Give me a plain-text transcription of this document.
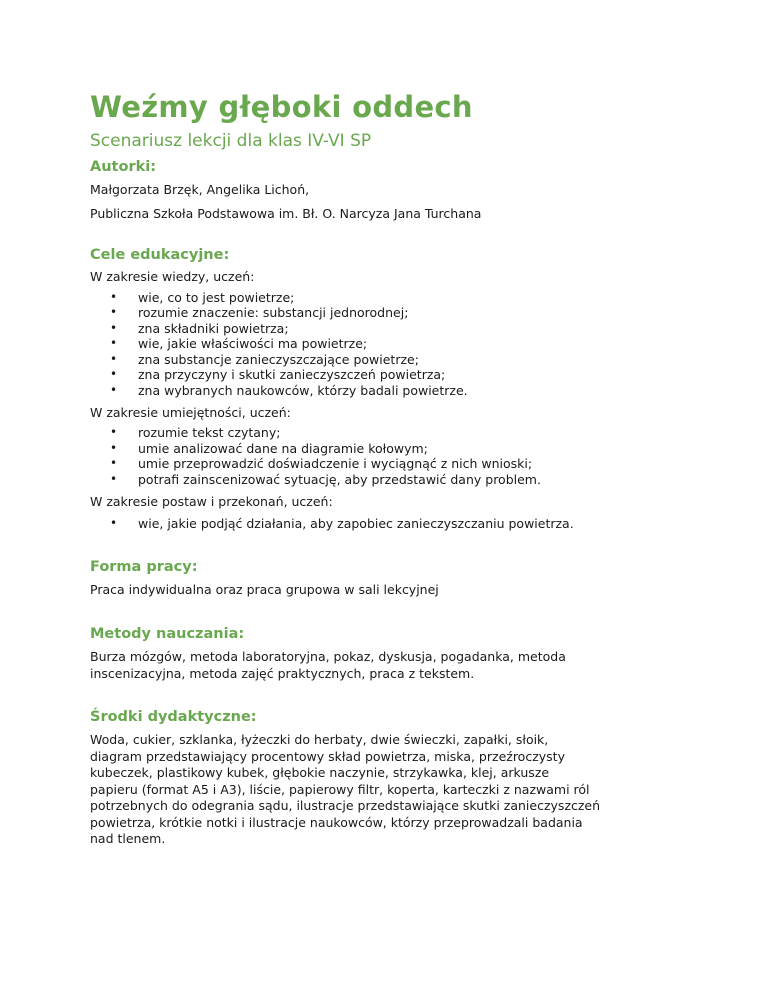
Weźmy głęboki oddech

Scenariusz lekcji dla klas IV-VI SP

Autorki:

Małgorzata Brzęk, Angelika Lichoń,

Publiczna Szkoła Podstawowa im. Bł. O. Narcyza Jana Turchana

Cele edukacyjne:

W zakresie wiedzy, uczeń:

• wie, co to jest powietrze;
• rozumie znaczenie: substancji jednorodnej;
• zna składniki powietrza;
• wie, jakie właściwości ma powietrze;
• zna substancje zanieczyszczające powietrze;
• zna przyczyny i skutki zanieczyszczeń powietrza;
• zna wybranych naukowców, którzy badali powietrze.

W zakresie umiejętności, uczeń:

• rozumie tekst czytany;
• umie analizować dane na diagramie kołowym;
• umie przeprowadzić doświadczenie i wyciągnąć z nich wnioski;
• potrafi zainscenizować sytuację, aby przedstawić dany problem.

W zakresie postaw i przekonań, uczeń:

• wie, jakie podjąć działania, aby zapobiec zanieczyszczaniu powietrza.
Forma pracy:

Praca indywidualna oraz praca grupowa w sali lekcyjnej

Metody nauczania:

Burza mózgów, metoda laboratoryjna, pokaz, dyskusja, pogadanka, metoda

inscenizacyjna, metoda zajęć praktycznych, praca z tekstem.

Środki dydaktyczne:

Woda, cukier, szklanka, łyżeczki do herbaty, dwie świeczki, zapałki, słoik,

diagram przedstawiający procentowy skład powietrza, miska, przeźroczysty

kubeczek, plastikowy kubek, głębokie naczynie, strzykawka, klej, arkusze

papieru (format A5 i A3), liście, papierowy filtr, koperta, karteczki z nazwami ról

potrzebnych do odegrania sądu, ilustracje przedstawiające skutki zanieczyszczeń

powietrza, krótkie notki i ilustracje naukowców, którzy przeprowadzali badania

nad tlenem.
